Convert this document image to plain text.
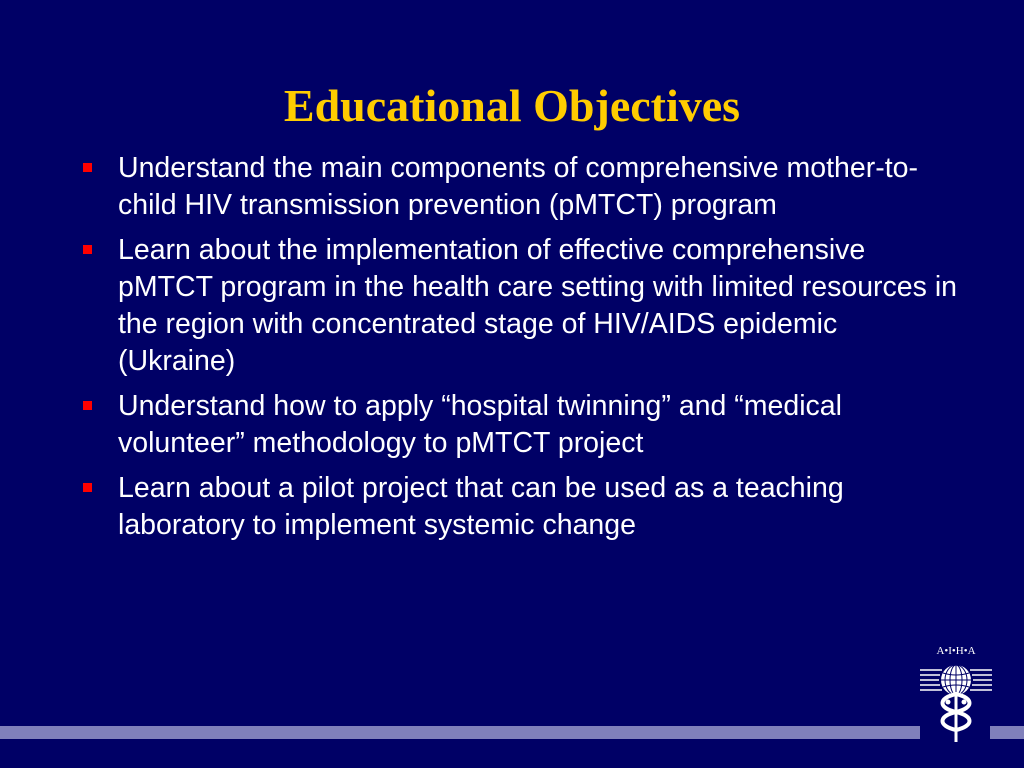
Educational Objectives
Understand the main components of comprehensive mother-to-child HIV transmission prevention (pMTCT) program
Learn about the implementation of effective comprehensive pMTCT program in the health care setting with limited resources in the region with concentrated stage of HIV/AIDS epidemic (Ukraine)
Understand how to apply “hospital twinning” and “medical volunteer” methodology to pMTCT project
Learn about a pilot project that can be used as a teaching laboratory to implement systemic change
A•I•H•A
